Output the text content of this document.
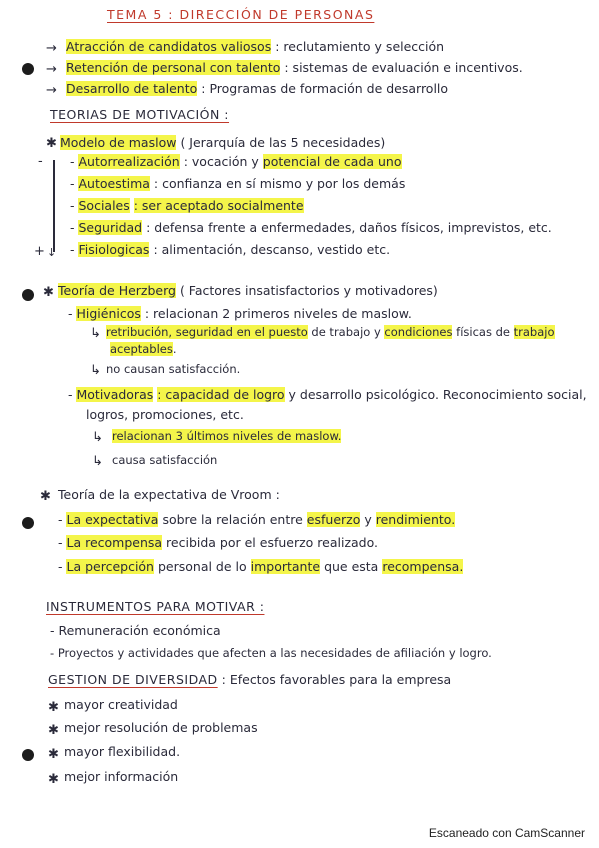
TEMA 5 : DIRECCIÓN DE PERSONAS
→ Atracción de candidatos valiosos : reclutamiento y selección
→ Retención de personal con talento : sistemas de evaluación e incentivos.
→ Desarrollo de talento : Programas de formación de desarrollo
TEORIAS DE MOTIVACIÓN :
✱ Modelo de maslow ( Jerarquía de las 5 necesidades)
↓
-
+
- Autorrealización : vocación y potencial de cada uno
- Autoestima : confianza en sí mismo y por los demás
- Sociales : ser aceptado socialmente
- Seguridad : defensa frente a enfermedades, daños físicos, imprevistos, etc.
- Fisiologicas : alimentación, descanso, vestido etc.
✱ Teoría de Herzberg ( Factores insatisfactorios y motivadores)
- Higiénicos : relacionan 2 primeros niveles de maslow.
↳ retribución, seguridad en el puesto de trabajo y condiciones físicas de trabajo
aceptables.
↳ no causan satisfacción.
- Motivadoras : capacidad de logro y desarrollo psicológico. Reconocimiento social,
logros, promociones, etc.
↳ relacionan 3 últimos niveles de maslow.
↳ causa satisfacción
✱ Teoría de la expectativa de Vroom :
- La expectativa sobre la relación entre esfuerzo y rendimiento.
- La recompensa recibida por el esfuerzo realizado.
- La percepción personal de lo importante que esta recompensa.
INSTRUMENTOS PARA MOTIVAR :
- Remuneración económica
- Proyectos y actividades que afecten a las necesidades de afiliación y logro.
GESTION DE DIVERSIDAD : Efectos favorables para la empresa
✱ mayor creatividad
✱ mejor resolución de problemas
✱ mayor flexibilidad.
✱ mejor información
Escaneado con CamScanner
